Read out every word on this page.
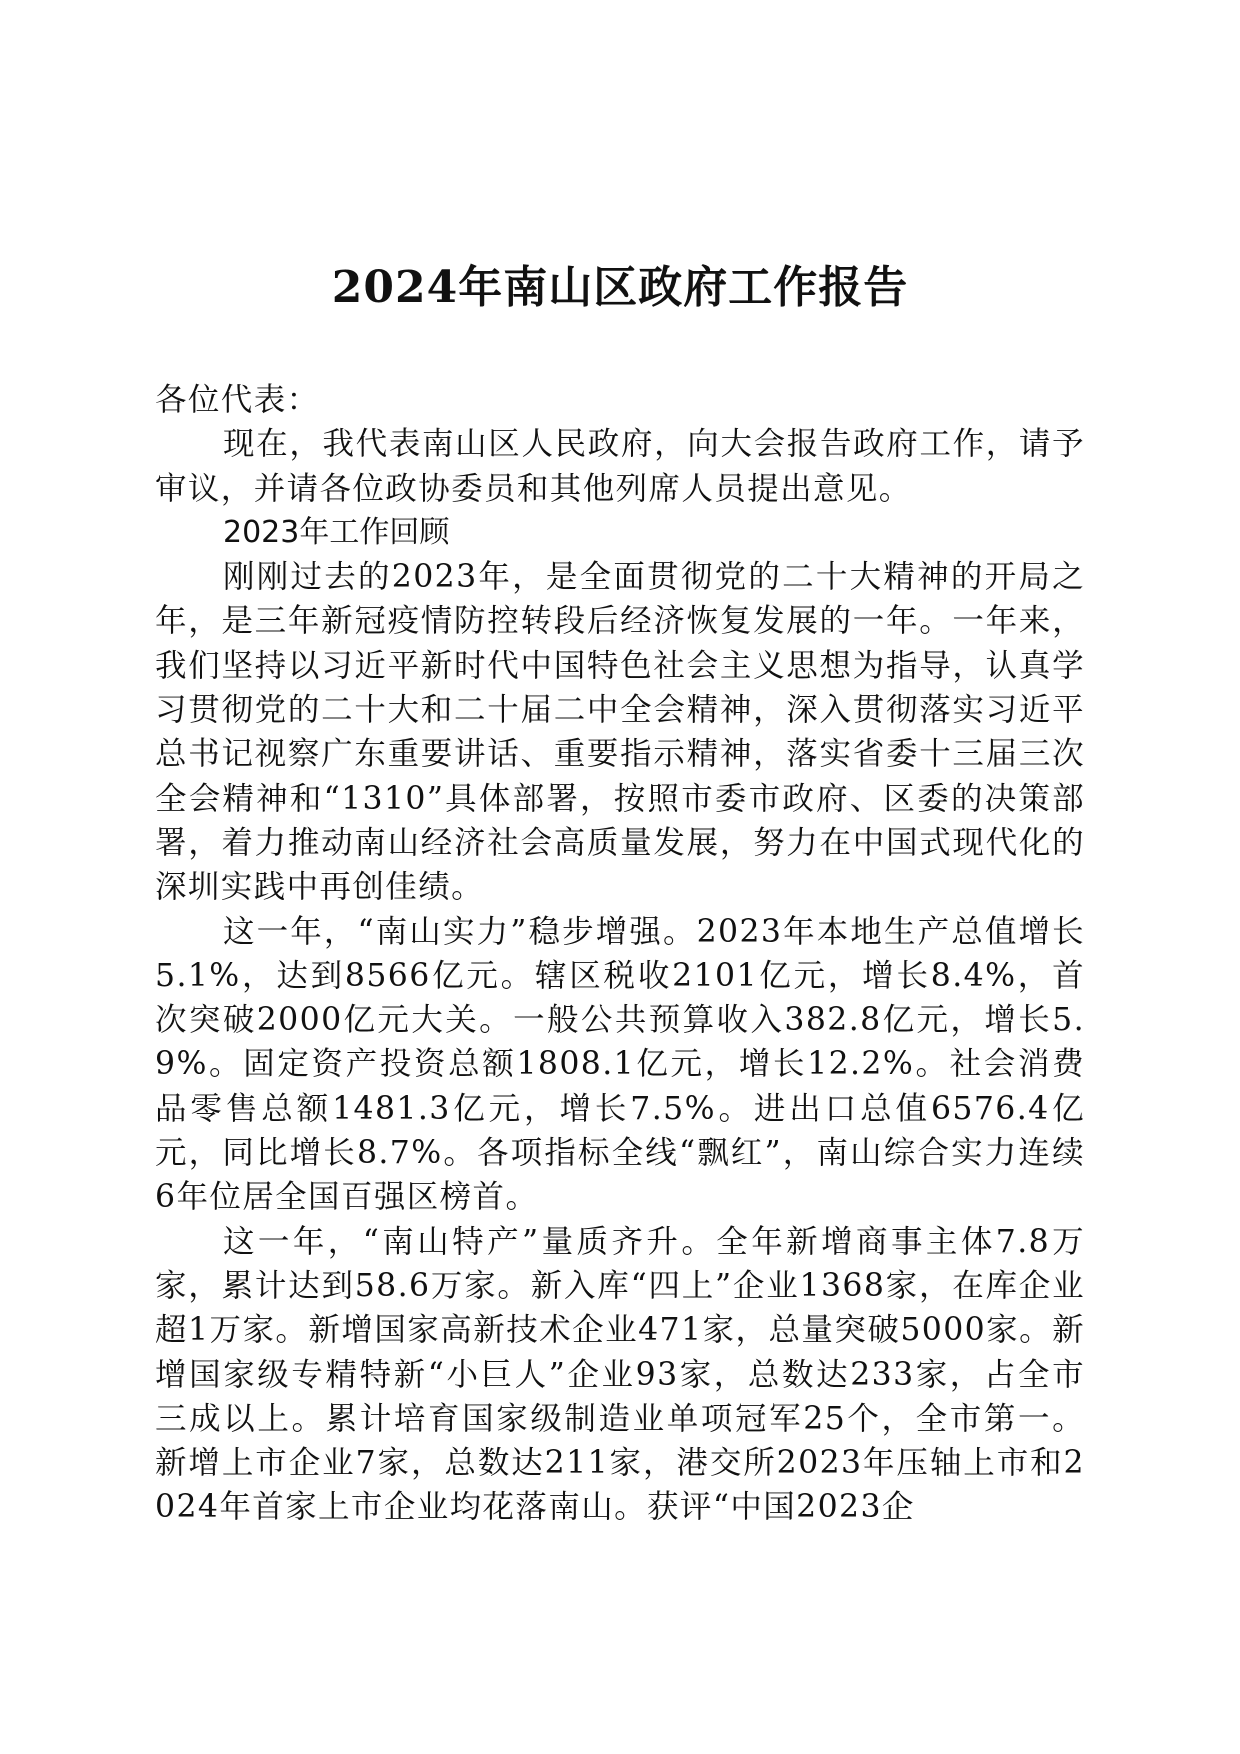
2024年南山区政府工作报告

各位代表：

现在，我代表南山区人民政府，向大会报告政府工作，请予审议，并请各位政协委员和其他列席人员提出意见。

2023年工作回顾

刚刚过去的2023年，是全面贯彻党的二十大精神的开局之年，是三年新冠疫情防控转段后经济恢复发展的一年。一年来，我们坚持以习近平新时代中国特色社会主义思想为指导，认真学习贯彻党的二十大和二十届二中全会精神，深入贯彻落实习近平总书记视察广东重要讲话、重要指示精神，落实省委十三届三次全会精神和“1310”具体部署，按照市委市政府、区委的决策部署，着力推动南山经济社会高质量发展，努力在中国式现代化的深圳实践中再创佳绩。

这一年，“南山实力”稳步增强。2023年本地生产总值增长5.1%，达到8566亿元。辖区税收2101亿元，增长8.4%，首次突破2000亿元大关。一般公共预算收入382.8亿元，增长5.9%。固定资产投资总额1808.1亿元，增长12.2%。社会消费品零售总额1481.3亿元，增长7.5%。进出口总值6576.4亿元，同比增长8.7%。各项指标全线“飘红”，南山综合实力连续6年位居全国百强区榜首。

这一年，“南山特产”量质齐升。全年新增商事主体7.8万家，累计达到58.6万家。新入库“四上”企业1368家，在库企业超1万家。新增国家高新技术企业471家，总量突破5000家。新增国家级专精特新“小巨人”企业93家，总数达233家，占全市三成以上。累计培育国家级制造业单项冠军25个，全市第一。新增上市企业7家，总数达211家，港交所2023年压轴上市和2024年首家上市企业均花落南山。获评“中国2023企
